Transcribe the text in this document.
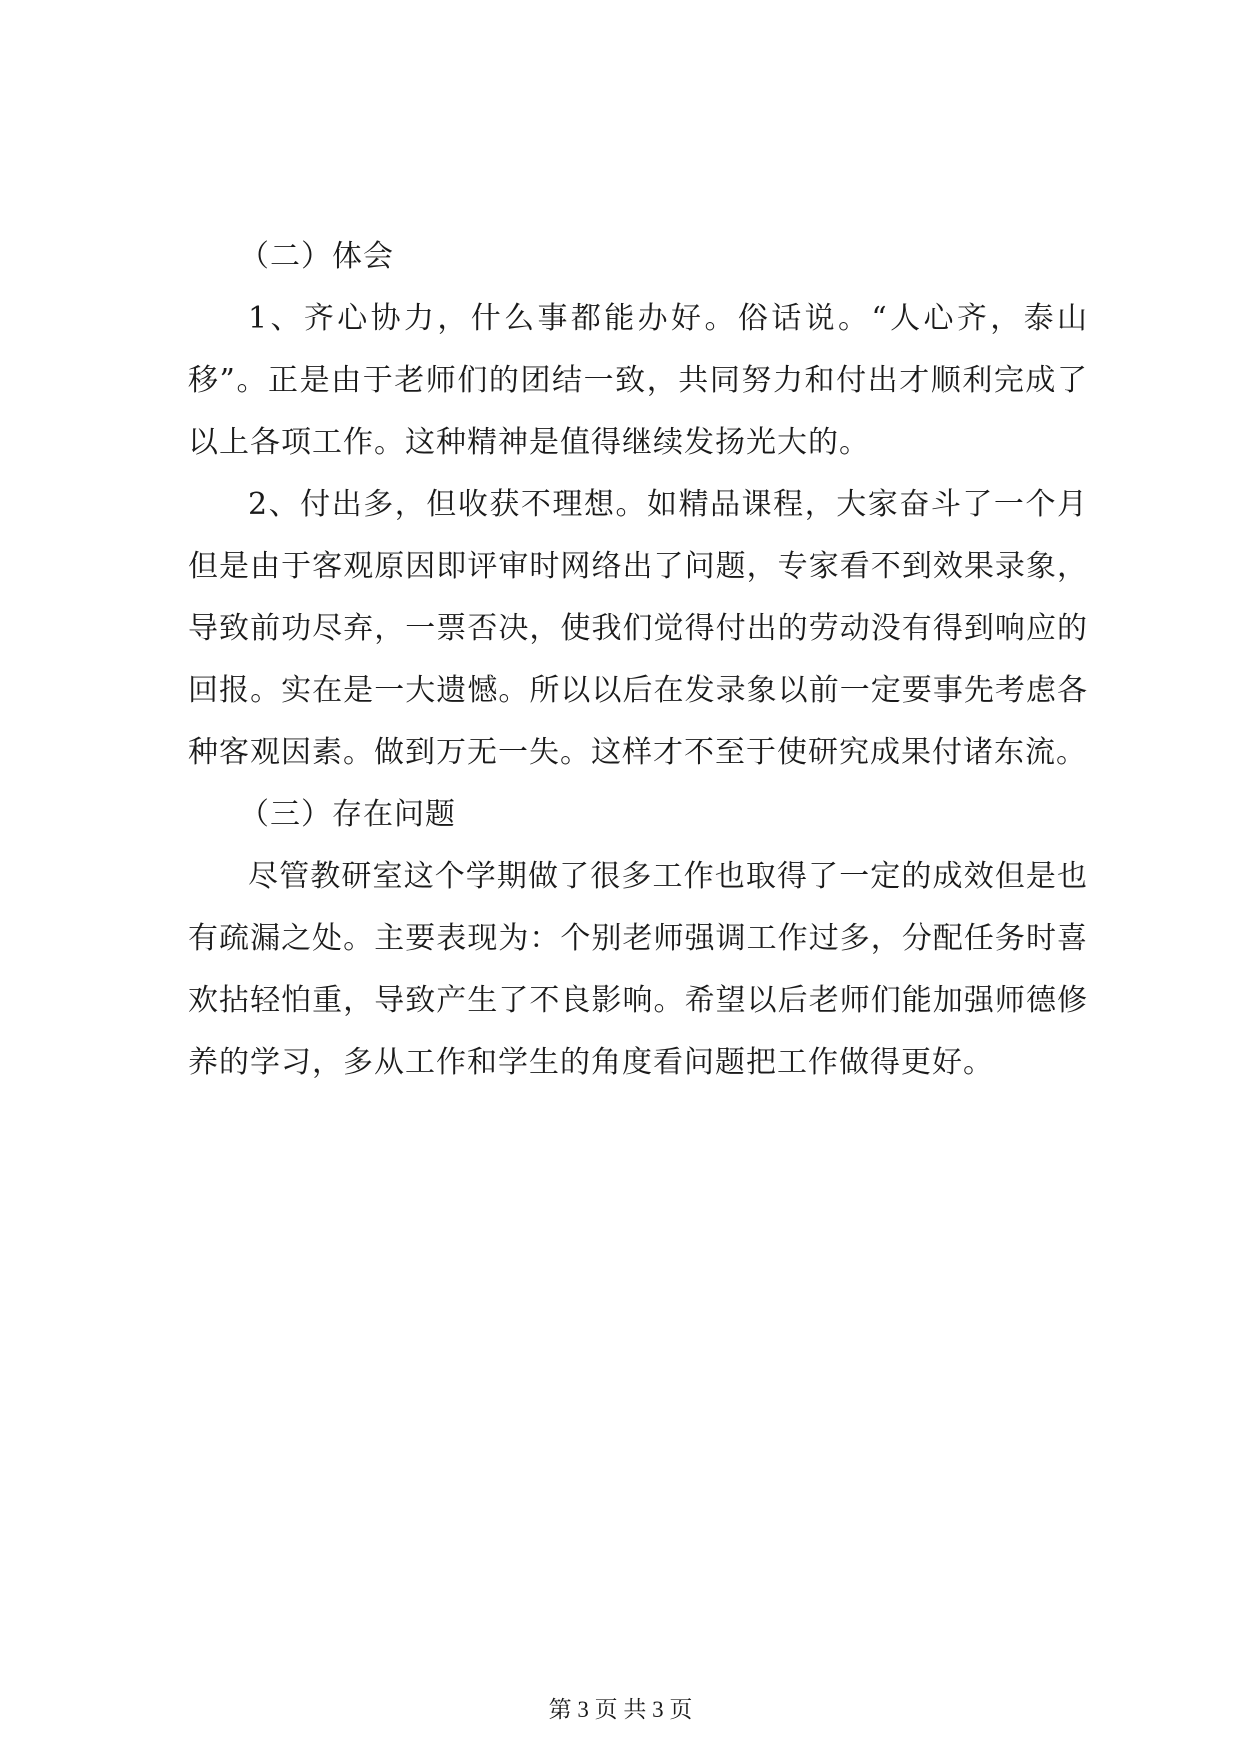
（二）体会

1、齐心协力，什么事都能办好。俗话说。“人心齐，泰山移”。正是由于老师们的团结一致，共同努力和付出才顺利完成了以上各项工作。这种精神是值得继续发扬光大的。

2、付出多，但收获不理想。如精品课程，大家奋斗了一个月但是由于客观原因即评审时网络出了问题，专家看不到效果录象，导致前功尽弃，一票否决，使我们觉得付出的劳动没有得到响应的回报。实在是一大遗憾。所以以后在发录象以前一定要事先考虑各种客观因素。做到万无一失。这样才不至于使研究成果付诸东流。

（三）存在问题

尽管教研室这个学期做了很多工作也取得了一定的成效但是也有疏漏之处。主要表现为：个别老师强调工作过多，分配任务时喜欢拈轻怕重，导致产生了不良影响。希望以后老师们能加强师德修养的学习，多从工作和学生的角度看问题把工作做得更好。

第 3 页 共 3 页
